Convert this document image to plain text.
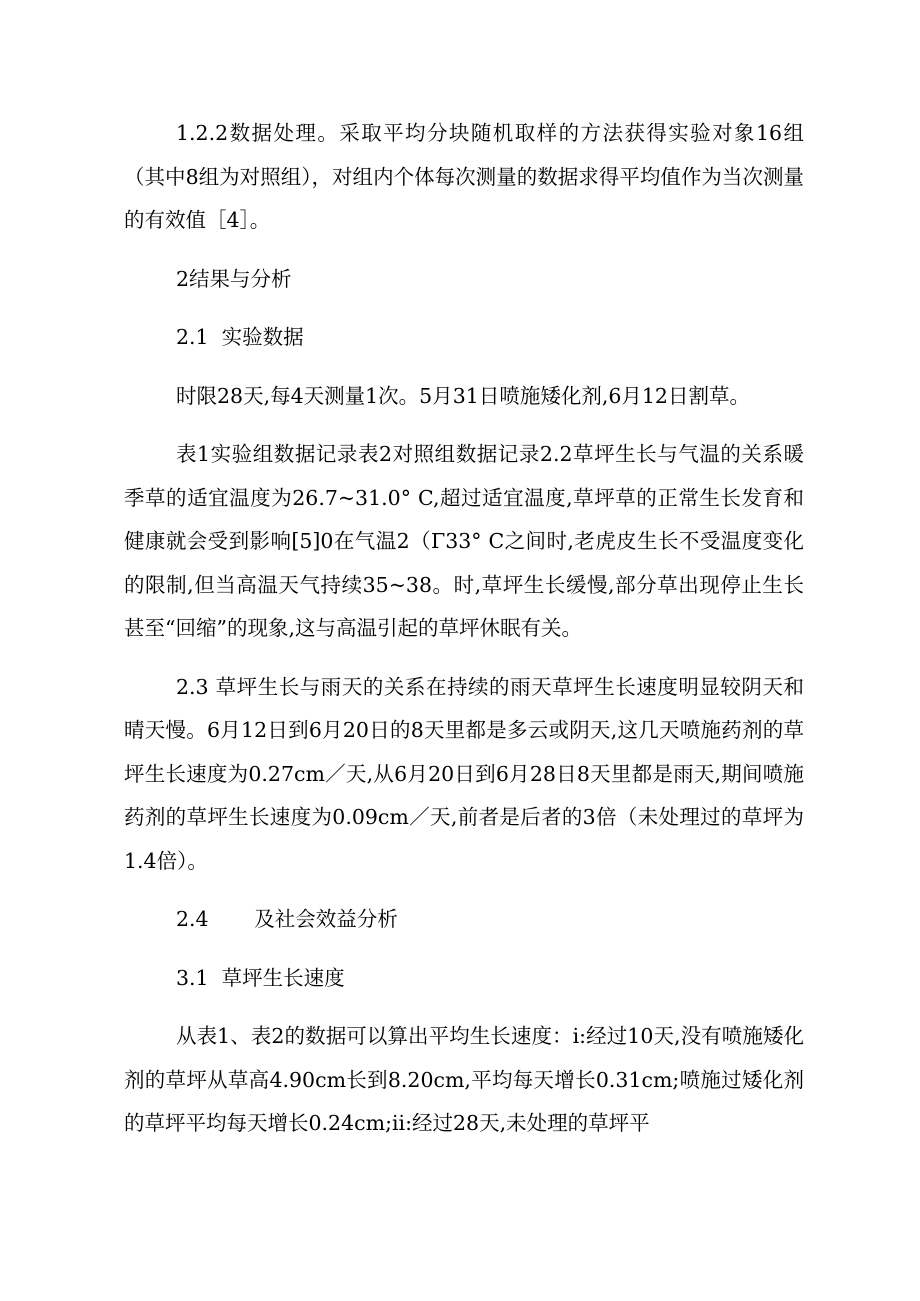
1.2.2数据处理。采取平均分块随机取样的方法获得实验对象16组（其中8组为对照组），对组内个体每次测量的数据求得平均值作为当次测量的有效值［4］。

2结果与分析

2.1  实验数据

时限28天,每4天测量1次。5月31日喷施矮化剂,6月12日割草。

表1实验组数据记录表2对照组数据记录2.2草坪生长与气温的关系暖季草的适宜温度为26.7~31.0° C,超过适宜温度,草坪草的正常生长发育和健康就会受到影响[5]0在气温2（Γ33° C之间时,老虎皮生长不受温度变化的限制,但当高温天气持续35~38。时,草坪生长缓慢,部分草出现停止生长甚至“回缩”的现象,这与高温引起的草坪休眠有关。

2.3 草坪生长与雨天的关系在持续的雨天草坪生长速度明显较阴天和晴天慢。6月12日到6月20日的8天里都是多云或阴天,这几天喷施药剂的草坪生长速度为0.27cm／天,从6月20日到6月28日8天里都是雨天,期间喷施药剂的草坪生长速度为0.09cm／天,前者是后者的3倍（未处理过的草坪为1.4倍）。

2.4       及社会效益分析

3.1  草坪生长速度

从表1、表2的数据可以算出平均生长速度：i:经过10天,没有喷施矮化剂的草坪从草高4.90cm长到8.20cm,平均每天增长0.31cm;喷施过矮化剂的草坪平均每天增长0.24cm;ii:经过28天,未处理的草坪平
